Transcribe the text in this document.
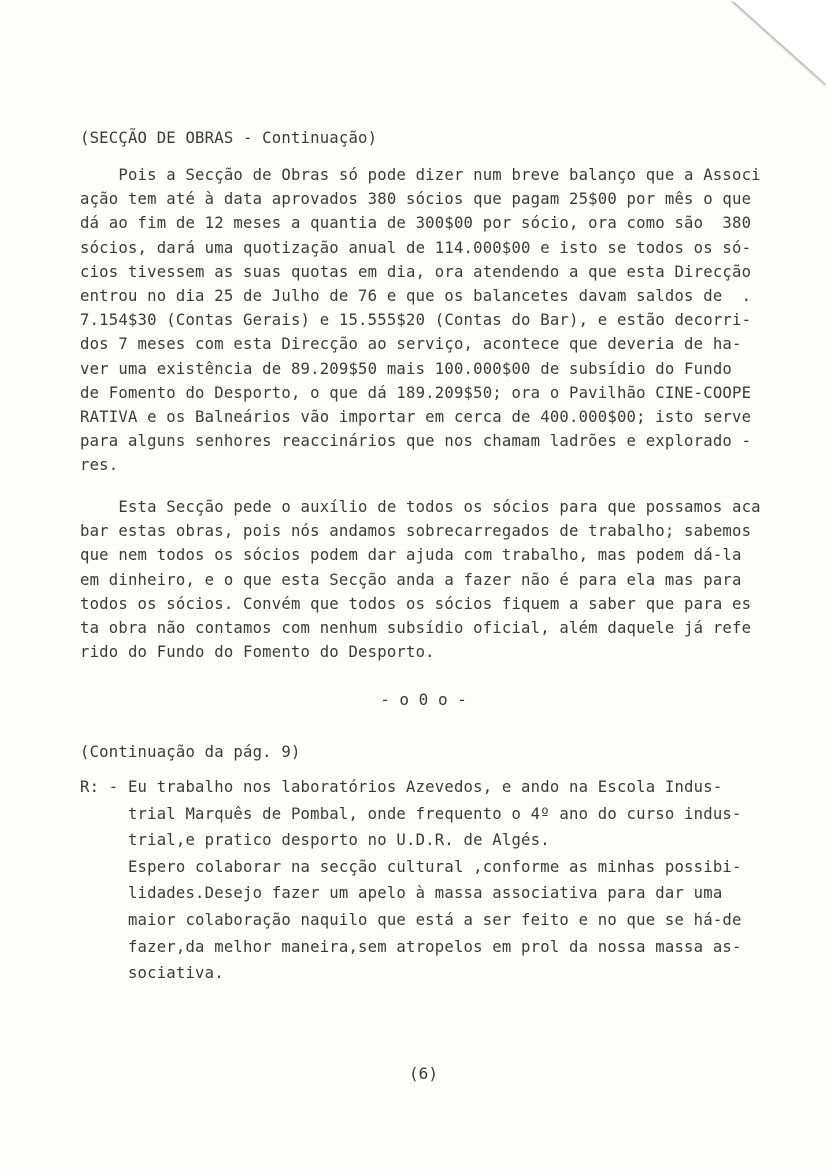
(SECÇÃO DE OBRAS - Continuação)
Pois a Secção de Obras só pode dizer num breve balanço que a Associ
ação tem até à data aprovados 380 sócios que pagam 25$00 por mês o que
dá ao fim de 12 meses a quantia de 300$00 por sócio, ora como são  380
sócios, dará uma quotização anual de 114.000$00 e isto se todos os só-
cios tivessem as suas quotas em dia, ora atendendo a que esta Direcção
entrou no dia 25 de Julho de 76 e que os balancetes davam saldos de  .
7.154$30 (Contas Gerais) e 15.555$20 (Contas do Bar), e estão decorri-
dos 7 meses com esta Direcção ao serviço, acontece que deveria de ha-
ver uma existência de 89.209$50 mais 100.000$00 de subsídio do Fundo
de Fomento do Desporto, o que dá 189.209$50; ora o Pavilhão CINE-COOPE
RATIVA e os Balneários vão importar em cerca de 400.000$00; isto serve
para alguns senhores reaccinários que nos chamam ladrões e explorado -
res.
Esta Secção pede o auxílio de todos os sócios para que possamos aca
bar estas obras, pois nós andamos sobrecarregados de trabalho; sabemos
que nem todos os sócios podem dar ajuda com trabalho, mas podem dá-la
em dinheiro, e o que esta Secção anda a fazer não é para ela mas para
todos os sócios. Convém que todos os sócios fiquem a saber que para es
ta obra não contamos com nenhum subsídio oficial, além daquele já refe
rido do Fundo do Fomento do Desporto.
- o 0 o -
(Continuação da pág. 9)
R: - Eu trabalho nos laboratórios Azevedos, e ando na Escola Indus-
trial Marquês de Pombal, onde frequento o 4º ano do curso indus-
trial,e pratico desporto no U.D.R. de Algés.
Espero colaborar na secção cultural ,conforme as minhas possibi-
lidades.Desejo fazer um apelo à massa associativa para dar uma
maior colaboração naquilo que está a ser feito e no que se há-de
fazer,da melhor maneira,sem atropelos em prol da nossa massa as-
sociativa.
(6)
